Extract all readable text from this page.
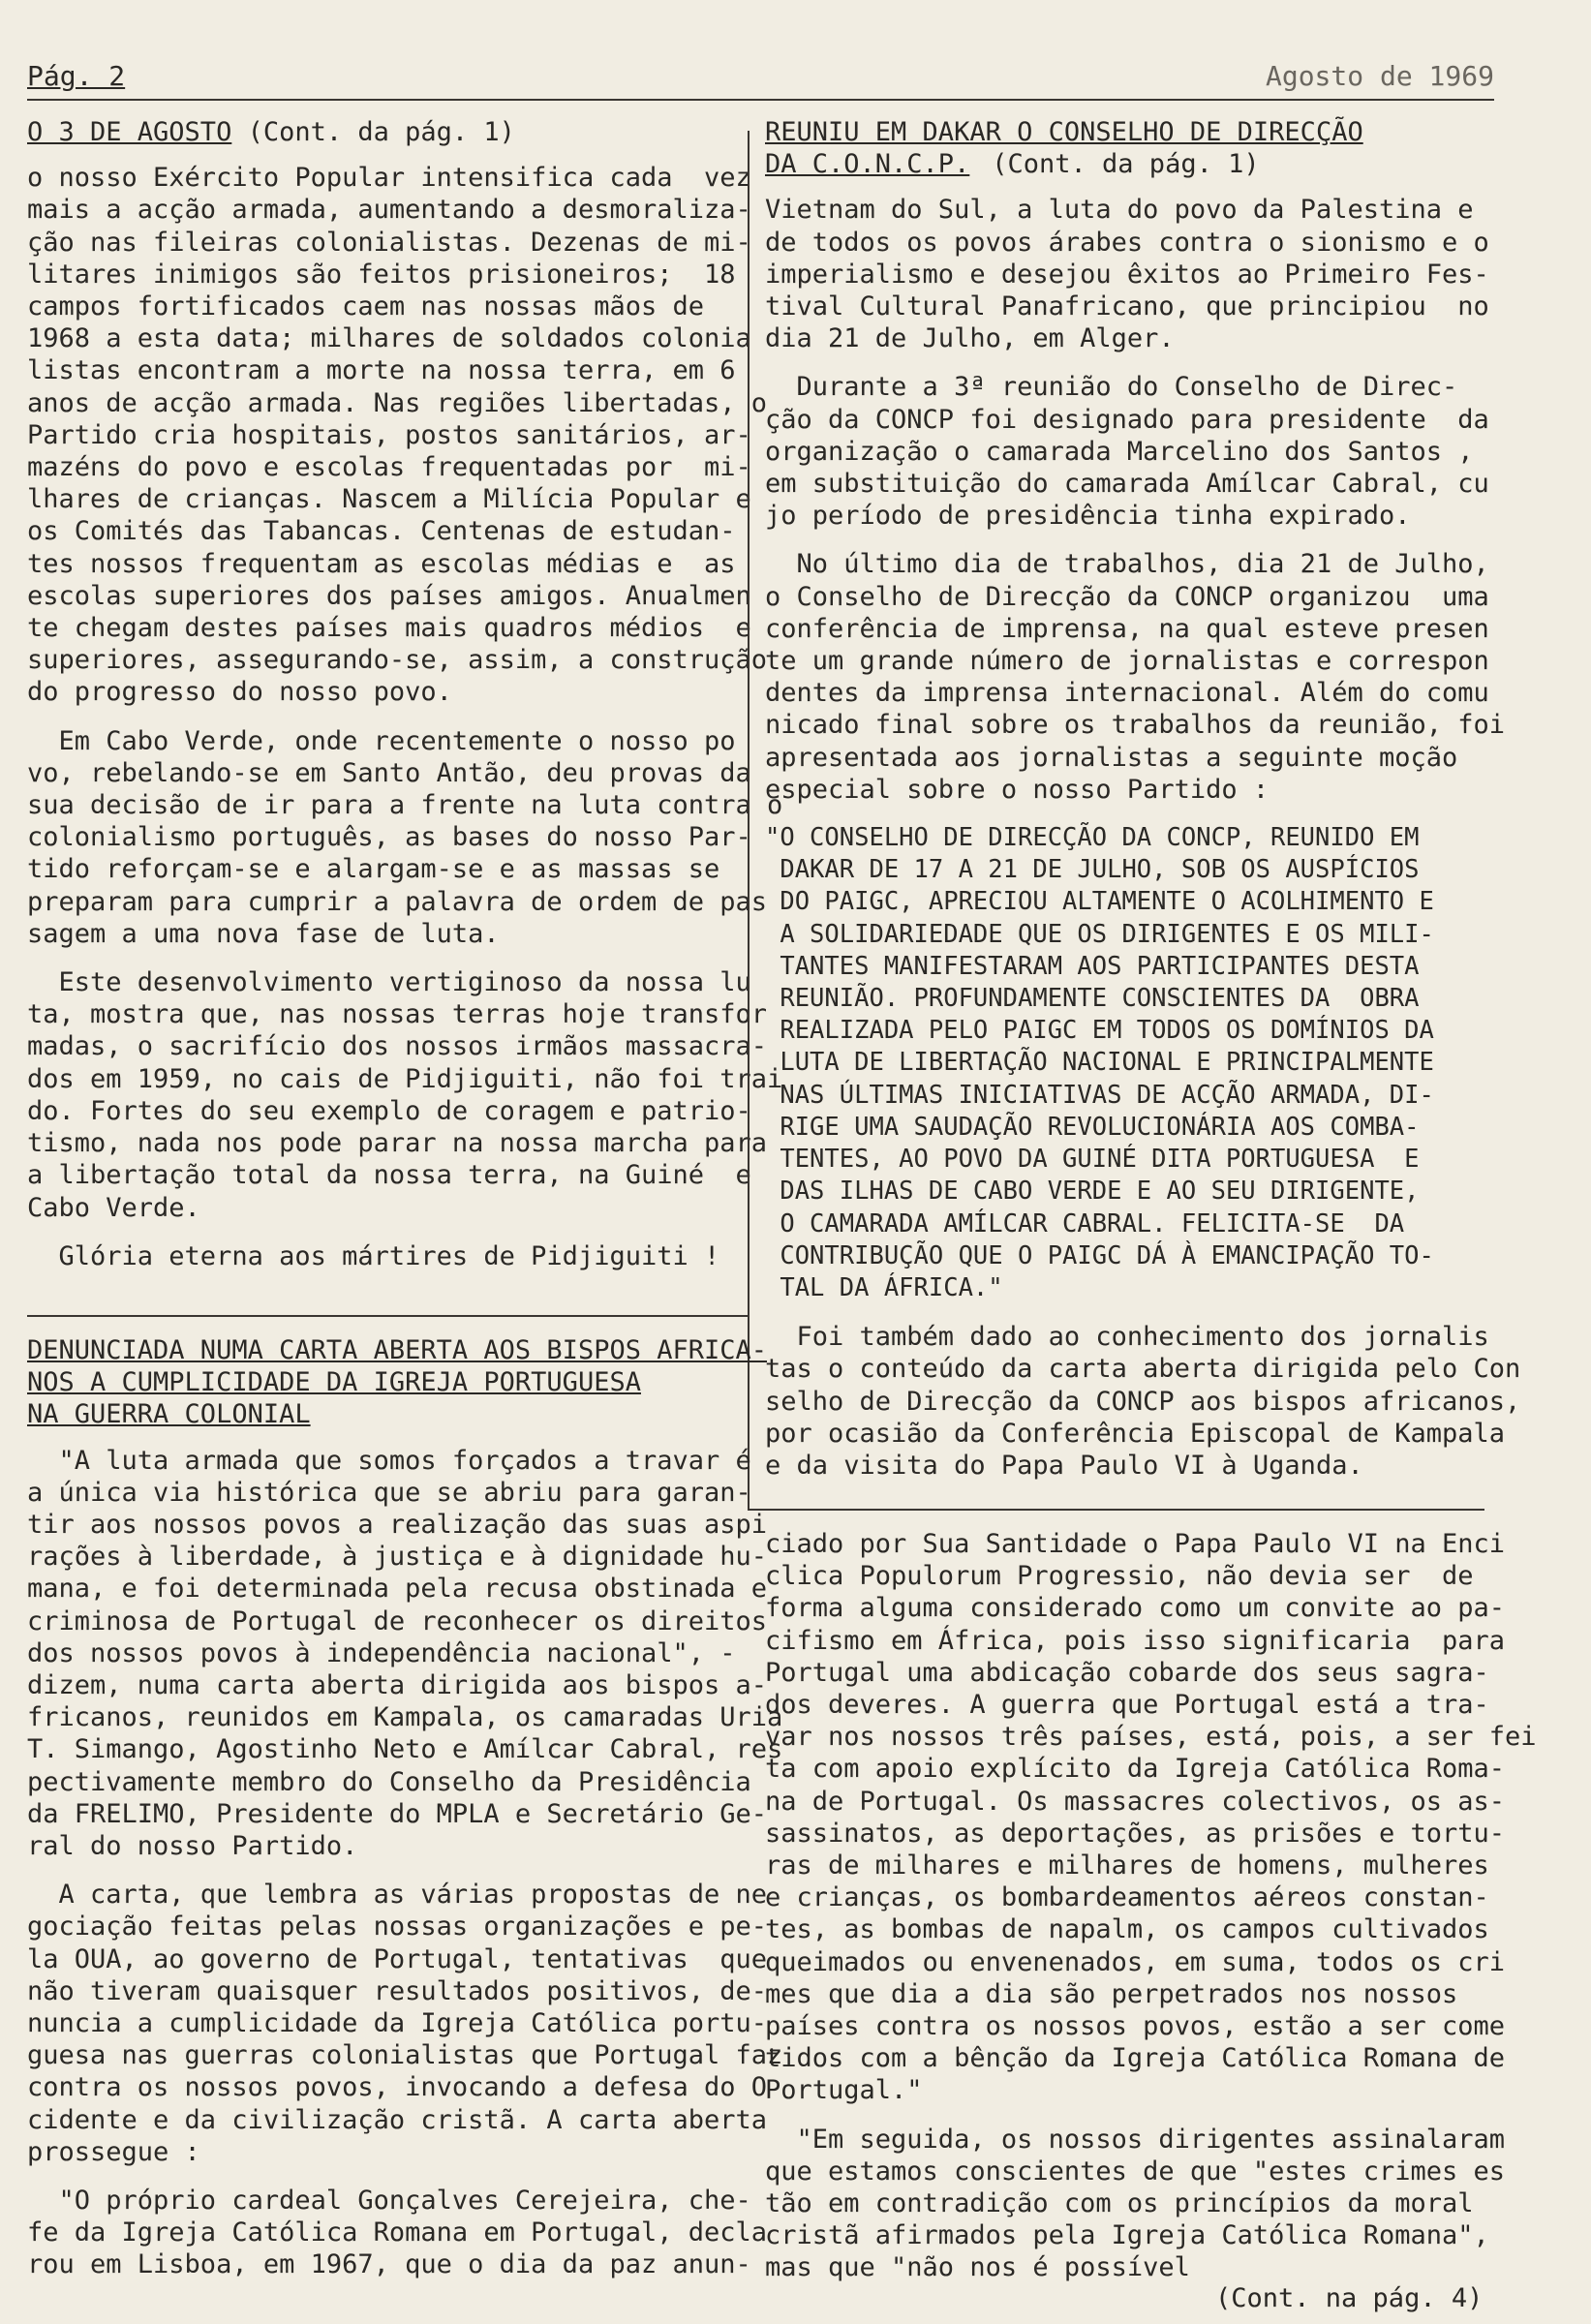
Pág. 2	Agosto de 1969
O 3 DE AGOSTO (Cont. da pág. 1)

o nosso Exército Popular intensifica cada  vez
mais a acção armada, aumentando a desmoraliza-
ção nas fileiras colonialistas. Dezenas de mi-
litares inimigos são feitos prisioneiros;  18
campos fortificados caem nas nossas mãos de
1968 a esta data; milhares de soldados colonia
listas encontram a morte na nossa terra, em 6
anos de acção armada. Nas regiões libertadas, o
Partido cria hospitais, postos sanitários, ar-
mazéns do povo e escolas frequentadas por  mi-
lhares de crianças. Nascem a Milícia Popular e
os Comités das Tabancas. Centenas de estudan-
tes nossos frequentam as escolas médias e  as
escolas superiores dos países amigos. Anualmen
te chegam destes países mais quadros médios  e
superiores, assegurando-se, assim, a construção
do progresso do nosso povo.

Em Cabo Verde, onde recentemente o nosso po
vo, rebelando-se em Santo Antão, deu provas da
sua decisão de ir para a frente na luta contra o
colonialismo português, as bases do nosso Par-
tido reforçam-se e alargam-se e as massas se
preparam para cumprir a palavra de ordem de pas
sagem a uma nova fase de luta.

Este desenvolvimento vertiginoso da nossa lu
ta, mostra que, nas nossas terras hoje transfor
madas, o sacrifício dos nossos irmãos massacra-
dos em 1959, no cais de Pidjiguiti, não foi trai
do. Fortes do seu exemplo de coragem e patrio-
tismo, nada nos pode parar na nossa marcha para
a libertação total da nossa terra, na Guiné  e
Cabo Verde.

Glória eterna aos mártires de Pidjiguiti !

REUNIU EM DAKAR O CONSELHO DE DIRECÇÃO
DA C.O.N.C.P. (Cont. da pág. 1)

Vietnam do Sul, a luta do povo da Palestina e
de todos os povos árabes contra o sionismo e o
imperialismo e desejou êxitos ao Primeiro Fes-
tival Cultural Panafricano, que principiou  no
dia 21 de Julho, em Alger.

Durante a 3ª reunião do Conselho de Direc-
ção da CONCP foi designado para presidente  da
organização o camarada Marcelino dos Santos ,
em substituição do camarada Amílcar Cabral, cu
jo período de presidência tinha expirado.

No último dia de trabalhos, dia 21 de Julho,
o Conselho de Direcção da CONCP organizou  uma
conferência de imprensa, na qual esteve presen
te um grande número de jornalistas e correspon
dentes da imprensa internacional. Além do comu
nicado final sobre os trabalhos da reunião, foi
apresentada aos jornalistas a seguinte moção
especial sobre o nosso Partido :

"O CONSELHO DE DIRECÇÃO DA CONCP, REUNIDO EM
DAKAR DE 17 A 21 DE JULHO, SOB OS AUSPÍCIOS
DO PAIGC, APRECIOU ALTAMENTE O ACOLHIMENTO E
A SOLIDARIEDADE QUE OS DIRIGENTES E OS MILI-
TANTES MANIFESTARAM AOS PARTICIPANTES DESTA
REUNIÃO. PROFUNDAMENTE CONSCIENTES DA  OBRA
REALIZADA PELO PAIGC EM TODOS OS DOMÍNIOS DA
LUTA DE LIBERTAÇÃO NACIONAL E PRINCIPALMENTE
NAS ÚLTIMAS INICIATIVAS DE ACÇÃO ARMADA, DI-
RIGE UMA SAUDAÇÃO REVOLUCIONÁRIA AOS COMBA-
TENTES, AO POVO DA GUINÉ DITA PORTUGUESA  E
DAS ILHAS DE CABO VERDE E AO SEU DIRIGENTE,
O CAMARADA AMÍLCAR CABRAL. FELICITA-SE  DA
CONTRIBUÇÃO QUE O PAIGC DÁ À EMANCIPAÇÃO TO-
TAL DA ÁFRICA."

Foi também dado ao conhecimento dos jornalis
tas o conteúdo da carta aberta dirigida pelo Con
selho de Direcção da CONCP aos bispos africanos,
por ocasião da Conferência Episcopal de Kampala
e da visita do Papa Paulo VI à Uganda.

DENUNCIADA NUMA CARTA ABERTA AOS BISPOS AFRICA-
NOS A CUMPLICIDADE DA IGREJA PORTUGUESA
NA GUERRA COLONIAL

"A luta armada que somos forçados a travar é
a única via histórica que se abriu para garan-
tir aos nossos povos a realização das suas aspi
rações à liberdade, à justiça e à dignidade hu-
mana, e foi determinada pela recusa obstinada e
criminosa de Portugal de reconhecer os direitos
dos nossos povos à independência nacional", -
dizem, numa carta aberta dirigida aos bispos a-
fricanos, reunidos em Kampala, os camaradas Uria
T. Simango, Agostinho Neto e Amílcar Cabral, res
pectivamente membro do Conselho da Presidência
da FRELIMO, Presidente do MPLA e Secretário Ge-
ral do nosso Partido.

A carta, que lembra as várias propostas de ne
gociação feitas pelas nossas organizações e pe-
la OUA, ao governo de Portugal, tentativas  que
não tiveram quaisquer resultados positivos, de-
nuncia a cumplicidade da Igreja Católica portu-
guesa nas guerras colonialistas que Portugal faz
contra os nossos povos, invocando a defesa do O
cidente e da civilização cristã. A carta aberta
prossegue :

"O próprio cardeal Gonçalves Cerejeira, che-
fe da Igreja Católica Romana em Portugal, decla
rou em Lisboa, em 1967, que o dia da paz anun-

ciado por Sua Santidade o Papa Paulo VI na Enci
clica Populorum Progressio, não devia ser  de
forma alguma considerado como um convite ao pa-
cifismo em África, pois isso significaria  para
Portugal uma abdicação cobarde dos seus sagra-
dos deveres. A guerra que Portugal está a tra-
var nos nossos três países, está, pois, a ser fei
ta com apoio explícito da Igreja Católica Roma-
na de Portugal. Os massacres colectivos, os as-
sassinatos, as deportações, as prisões e tortu-
ras de milhares e milhares de homens, mulheres
e crianças, os bombardeamentos aéreos constan-
tes, as bombas de napalm, os campos cultivados
queimados ou envenenados, em suma, todos os cri
mes que dia a dia são perpetrados nos nossos
países contra os nossos povos, estão a ser come
tidos com a bênção da Igreja Católica Romana de
Portugal."

"Em seguida, os nossos dirigentes assinalaram
que estamos conscientes de que "estes crimes es
tão em contradição com os princípios da moral
cristã afirmados pela Igreja Católica Romana",
mas que "não nos é possível

(Cont. na pág. 4)
